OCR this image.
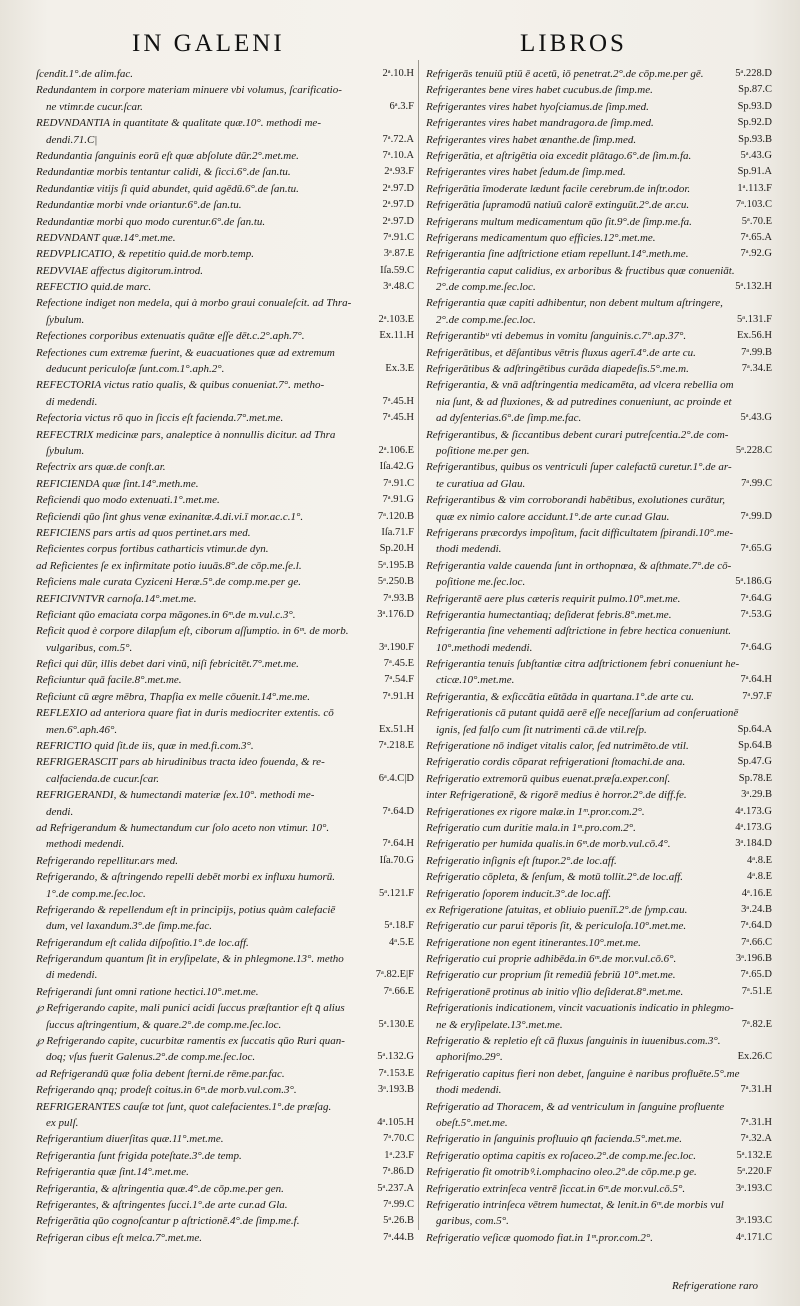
IN GALENI	LIBROS
ſcendit.1°.de alim.fac.	2ᵃ.10.H
Redundantem in corpore materiam minuere vbi volumus, ſcarificatio-
ne vtimr.de cucur.ſcar.	6ᵃ.3.F
REDVNDANTIA in quantitate & qualitate quæ.10°. methodi me-
dendi.71.C|	7ᵃ.72.A
Redundantia ſanguinis eorū eſt quæ abſolute dūr.2°.met.me.	7ᵃ.10.A
Redundantiæ morbis tentantur calidi, & ſicci.6°.de ſan.tu.	2ᵃ.93.F
Redundantiæ vitijs ſi quid abundet, quid agēdū.6°.de ſan.tu.	2ᵃ.97.D
Redundantiæ morbi vnde oriantur.6°.de ſan.tu.	2ᵃ.97.D
Redundantiæ morbi quo modo curentur.6°.de ſan.tu.	2ᵃ.97.D
REDVNDANT quæ.14°.met.me.	7ᵃ.91.C
REDVPLICATIO, & repetitio quid.de morb.temp.	3ᵃ.87.E
REDVVIAE affectus digitorum.introd.	Iſa.59.C
REFECTIO quid.de marc.	3ᵃ.48.C
Refectione indiget non medela, qui à morbo graui conualeſcit. ad Thra-
ſybulum.	2ᵃ.103.E
Refectiones corporibus extenuatis quātæ eſſe dēt.c.2°.aph.7°.	Ex.11.H
Refectiones cum extremæ fuerint, & euacuationes quæ ad extremum
deducunt periculoſæ ſunt.com.1°.aph.2°.	Ex.3.E
REFECTORIA victus ratio qualis, & quibus conueniat.7°. metho-
di medendi.	7ᵃ.45.H
Refectoria victus rō quo in ſiccis eſt facienda.7°.met.me.	7ᵃ.45.H
REFECTRIX medicinæ pars, analeptice à nonnullis dicitur. ad Thra
ſybulum.	2ᵃ.106.E
Refectrix ars quæ.de conſt.ar.	Iſa.42.G
REFICIENDA quæ ſint.14°.meth.me.	7ᵃ.91.C
Reficiendi quo modo extenuati.1°.met.me.	7ᵃ.91.G
Reficiendi qūo ſint ghus venæ exinanitæ.4.di.vi.ī mor.ac.c.1°.	7ᵃ.120.B
REFICIENS pars artis ad quos pertinet.ars med.	Iſa.71.F
Reficientes corpus fortibus catharticis vtimur.de dyn.	Sp.20.H
ad Reficientes ſe ex infirmitate potio iuuās.8°.de cōp.me.ſe.l.	5ᵃ.195.B
Reficiens male curata Cyziceni Heræ.5°.de comp.me.per ge.	5ᵃ.250.B
REFICIVNTVR carnoſa.14°.met.me.	7ᵃ.93.B
Reficiant qūo emaciata corpa māgones.in 6ᵐ.de m.vul.c.3°.	3ᵃ.176.D
Reficit quod è corpore dilapſum eſt, ciborum aſſumptio. in 6ᵐ. de morb.
vulgaribus, com.5°.	3ᵃ.190.F
Refici qui dūr, illis debet dari vinū, niſi febricitēt.7°.met.me.	7ᵃ.45.E
Reficiuntur quā facile.8°.met.me.	7ᵃ.54.F
Reficiunt cū ægre mēbra, Thapſia ex melle cōuenit.14°.me.me.	7ᵃ.91.H
REFLEXIO ad anteriora quare fiat in duris mediocriter extentis. cō
men.6°.aph.46°.	Ex.51.H
REFRICTIO quid ſit.de iis, quæ in med.fi.com.3°.	7ᵃ.218.E
REFRIGERASCIT pars ab hirudinibus tracta ideo fouenda, & re-
calfacienda.de cucur.ſcar.	6ᵃ.4.C|D
REFRIGERANDI, & humectandi materiæ ſex.10°. methodi me-
dendi.	7ᵃ.64.D
ad Refrigerandum & humectandum cur ſolo aceto non vtimur. 10°.
methodi medendi.	7ᵃ.64.H
Refrigerando repellitur.ars med.	Iſa.70.G
Refrigerando, & aſtringendo repelli debēt morbi ex influxu humorū.
1°.de comp.me.ſec.loc.	5ᵃ.121.F
Refrigerando & repellendum eſt in principijs, potius quàm calefaciē
dum, vel laxandum.3°.de ſimp.me.fac.	5ᵃ.18.F
Refrigerandum eſt calida diſpoſitio.1°.de loc.aff.	4ᵃ.5.E
Refrigerandum quantum ſit in eryſipelate, & in phlegmone.13°. metho
di medendi.	7ᵃ.82.E|F
Refrigerandi ſunt omni ratione hectici.10°.met.me.	7ᵃ.66.E
℘ Refrigerando capite, mali punici acidi ſuccus præſtantior eſt q̄ alius
ſuccus aſtringentium, & quare.2°.de comp.me.ſec.loc.	5ᵃ.130.E
℘ Refrigerando capite, cucurbitæ ramentis ex ſuccatis qūo Ruri quan-
doq; vſus fuerit Galenus.2°.de comp.me.ſec.loc.	5ᵃ.132.G
ad Refrigerandū quæ folia debent ſterni.de rēme.par.fac.	7ᵃ.153.E
Refrigerando qnq; prodeſt coitus.in 6ᵐ.de morb.vul.com.3°.	3ᵃ.193.B
REFRIGERANTES cauſæ tot ſunt, quot calefacientes.1°.de præſag.
ex pulſ.	4ᵃ.105.H
Refrigerantium diuerſitas quæ.11°.met.me.	7ᵃ.70.C
Refrigerantia ſunt frigida poteſtate.3°.de temp.	1ᵃ.23.F
Refrigerantia quæ ſint.14°.met.me.	7ᵃ.86.D
Refrigerantia, & aſtringentia quæ.4°.de cōp.me.per gen.	5ᵃ.237.A
Refrigerantes, & aſtringentes ſucci.1°.de arte cur.ad Gla.	7ᵃ.99.C
Refrigerātia qūo cognoſcantur p aſtrictionē.4°.de ſimp.me.f.	5ᵃ.26.B
Refrigeran cibus eſt melca.7°.met.me.	7ᵃ.44.B
Refrigerās tenuiū ptiū ē acetū, iō penetrat.2°.de cōp.me.per gē.	5ᵃ.228.D
Refrigerantes bene vires habet cucubus.de ſimp.me.	Sp.87.C
Refrigerantes vires habet hyoſciamus.de ſimp.med.	Sp.93.D
Refrigerantes vires habet mandragora.de ſimp.med.	Sp.92.D
Refrigerantes vires habet œnanthe.de ſimp.med.	Sp.93.B
Refrigerātia, et aſtrigētia oia excedit plātago.6°.de ſim.m.fa.	5ᵃ.43.G
Refrigerantes vires habet ſedum.de ſimp.med.	Sp.91.A
Refrigerātia īmoderate lædunt facile cerebrum.de inſtr.odor.	1ᵃ.113.F
Refrigerātia ſupramodū natiuū calorē extinguūt.2°.de ar.cu.	7ᵃ.103.C
Refrigerans multum medicamentum qūo ſit.9°.de ſimp.me.fa.	5ᵃ.70.E
Refrigerans medicamentum quo efficies.12°.met.me.	7ᵃ.65.A
Refrigerantia ſine adſtrictione etiam repellunt.14°.meth.me.	7ᵃ.92.G
Refrigerantia caput calidius, ex arboribus & fructibus quæ conueniāt.
2°.de comp.me.ſec.loc.	5ᵃ.132.H
Refrigerantia quæ capiti adhibentur, non debent multum aſtringere,
2°.de comp.me.ſec.loc.	5ᵃ.131.F
Refrigerantibᵘ vti debemus in vomitu ſanguinis.c.7°.ap.37°.	Ex.56.H
Refrigerātibus, et dēſantibus vētris fluxus agerī.4°.de arte cu.	7ᵃ.99.B
Refrigerātibus & adſtringētibus curāda diapedeſis.5°.me.m.	7ᵃ.34.E
Refrigerantia, & vnā adſtringentia medicamēta, ad vlcera rebellia om
nia ſunt, & ad fluxiones, & ad putredines conueniunt, ac proinde et
ad dyſenterias.6°.de ſimp.me.fac.	5ᵃ.43.G
Refrigerantibus, & ſiccantibus debent curari putreſcentia.2°.de com-
poſitione me.per gen.	5ᵃ.228.C
Refrigerantibus, quibus os ventriculi ſuper calefactū curetur.1°.de ar-
te curatiua ad Glau.	7ᵃ.99.C
Refrigerantibus & vim corroborandi habētibus, exolutiones curātur,
quæ ex nimio calore accidunt.1°.de arte cur.ad Glau.	7ᵃ.99.D
Refrigerans præcordys impoſitum, facit difficultatem ſpirandi.10°.me-
thodi medendi.	7ᵃ.65.G
Refrigerantia valde cauenda ſunt in orthopnœa, & aſthmate.7°.de cō-
poſitione me.ſec.loc.	5ᵃ.186.G
Refrigerantē aere plus cæteris requirit pulmo.10°.met.me.	7ᵃ.64.G
Refrigerantia humectantiaq; deſiderat febris.8°.met.me.	7ᵃ.53.G
Refrigerantia ſine vehementi adſtrictione in febre hectica conueniunt.
10°.methodi medendi.	7ᵃ.64.G
Refrigerantia tenuis ſubſtantiæ citra adſtrictionem febri conueniunt he-
cticæ.10°.met.me.	7ᵃ.64.H
Refrigerantia, & exſiccātia eūtāda in quartana.1°.de arte cu.	7ᵃ.97.F
Refrigerationis cā putant quidā aerē eſſe neceſſarium ad conſeruationē
ignis, ſed falſo cum ſit nutrimenti cā.de vtil.reſp.	Sp.64.A
Refrigeratione nō indiget vitalis calor, ſed nutrimēto.de vtil.	Sp.64.B
Refrigeratio cordis cōparat refrigerationi ſtomachi.de ana.	Sp.47.G
Refrigeratio extremorū quibus euenat.præſa.exper.conſ.	Sp.78.E
inter Refrigerationē, & rigorē medius è horror.2°.de diff.fe.	3ᵃ.29.B
Refrigerationes ex rigore malæ.in 1ᵐ.pror.com.2°.	4ᵃ.173.G
Refrigeratio cum duritie mala.in 1ᵐ.pro.com.2°.	4ᵃ.173.G
Refrigeratio per humida qualis.in 6ᵐ.de morb.vul.cō.4°.	3ᵃ.184.D
Refrigeratio inſignis eſt ſtupor.2°.de loc.aff.	4ᵃ.8.E
Refrigeratio cōpleta, & ſenſum, & motū tollit.2°.de loc.aff.	4ᵃ.8.E
Refrigeratio ſoporem inducit.3°.de loc.aff.	4ᵃ.16.E
ex Refrigeratione ſatuitas, et obliuio pueniī.2°.de ſymp.cau.	3ᵃ.24.B
Refrigeratio cur parui tēporis ſit, & periculoſa.10°.met.me.	7ᵃ.64.D
Refrigeratione non egent itinerantes.10°.met.me.	7ᵃ.66.C
Refrigeratio cui proprie adhibēda.in 6ᵐ.de mor.vul.cō.6°.	3ᵃ.196.B
Refrigeratio cur proprium ſit remediū febriū 10°.met.me.	7ᵃ.65.D
Refrigerationē protinus ab initio vſlio deſiderat.8°.met.me.	7ᵃ.51.E
Refrigerationis indicationem, vincit vacuationis indicatio in phlegmo-
ne & eryſipelate.13°.met.me.	7ᵃ.82.E
Refrigeratio & repletio eſt cā fluxus ſanguinis in iuuenibus.com.3°.
aphoriſmo.29°.	Ex.26.C
Refrigeratio capitus fieri non debet, ſanguine è naribus profluēte.5°.me
thodi medendi.	7ᵃ.31.H
Refrigeratio ad Thoracem, & ad ventriculum in ſanguine profluente
obeſt.5°.met.me.	7ᵃ.31.H
Refrigeratio in ſanguinis profluuio qn̄ facienda.5°.met.me.	7ᵃ.32.A
Refrigeratio optima capitis ex roſaceo.2°.de comp.me.ſec.loc.	5ᵃ.132.E
Refrigeratio fit omotribꝰ.i.omphacino oleo.2°.de cōp.me.p ge.	5ᵃ.220.F
Refrigeratio extrinſeca ventrē ſiccat.in 6ᵐ.de mor.vul.cō.5°.	3ᵃ.193.C
Refrigeratio intrinſeca vētrem humectat, & lenit.in 6ᵐ.de morbis vul
garibus, com.5°.	3ᵃ.193.C
Refrigeratio veſicæ quomodo fiat.in 1ᵐ.pror.com.2°.	4ᵃ.171.C
Refrigeratione raro
